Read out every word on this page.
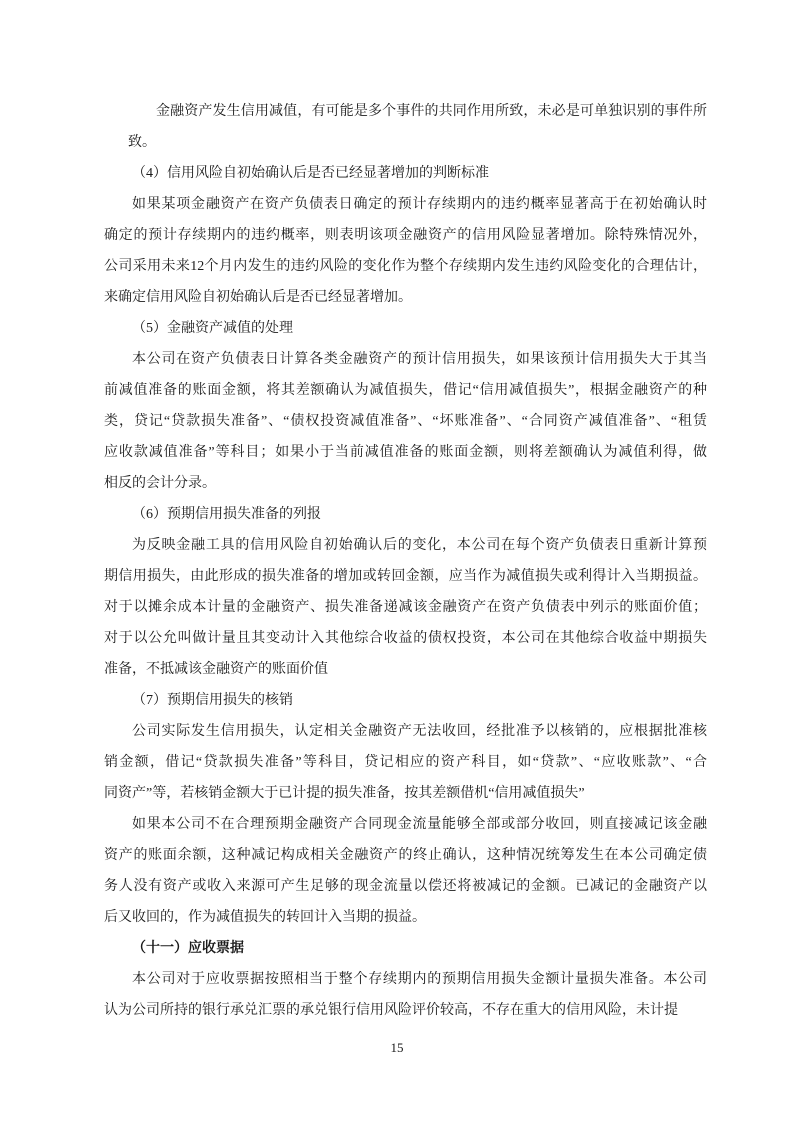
金融资产发生信用减值，有可能是多个事件的共同作用所致，未必是可单独识别的事件所
致。
（4）信用风险自初始确认后是否已经显著增加的判断标准
如果某项金融资产在资产负债表日确定的预计存续期内的违约概率显著高于在初始确认时
确定的预计存续期内的违约概率，则表明该项金融资产的信用风险显著增加。除特殊情况外，
公司采用未来12个月内发生的违约风险的变化作为整个存续期内发生违约风险变化的合理估计，
来确定信用风险自初始确认后是否已经显著增加。
（5）金融资产减值的处理
本公司在资产负债表日计算各类金融资产的预计信用损失，如果该预计信用损失大于其当
前减值准备的账面金额，将其差额确认为减值损失，借记“信用减值损失”，根据金融资产的种
类，贷记“贷款损失准备”、“债权投资减值准备”、“坏账准备”、“合同资产减值准备”、“租赁
应收款减值准备”等科目；如果小于当前减值准备的账面金额，则将差额确认为减值利得，做
相反的会计分录。
（6）预期信用损失准备的列报
为反映金融工具的信用风险自初始确认后的变化，本公司在每个资产负债表日重新计算预
期信用损失，由此形成的损失准备的增加或转回金额，应当作为减值损失或利得计入当期损益。
对于以摊余成本计量的金融资产、损失准备递减该金融资产在资产负债表中列示的账面价值；
对于以公允叫做计量且其变动计入其他综合收益的债权投资，本公司在其他综合收益中期损失
准备，不抵减该金融资产的账面价值
（7）预期信用损失的核销
公司实际发生信用损失，认定相关金融资产无法收回，经批准予以核销的，应根据批准核
销金额，借记“贷款损失准备”等科目，贷记相应的资产科目，如“贷款”、“应收账款”、“合
同资产”等，若核销金额大于已计提的损失准备，按其差额借机“信用减值损失”
如果本公司不在合理预期金融资产合同现金流量能够全部或部分收回，则直接减记该金融
资产的账面余额，这种减记构成相关金融资产的终止确认，这种情况统筹发生在本公司确定债
务人没有资产或收入来源可产生足够的现金流量以偿还将被减记的金额。已减记的金融资产以
后又收回的，作为减值损失的转回计入当期的损益。
（十一）应收票据
本公司对于应收票据按照相当于整个存续期内的预期信用损失金额计量损失准备。本公司
认为公司所持的银行承兑汇票的承兑银行信用风险评价较高，不存在重大的信用风险，未计提
15
